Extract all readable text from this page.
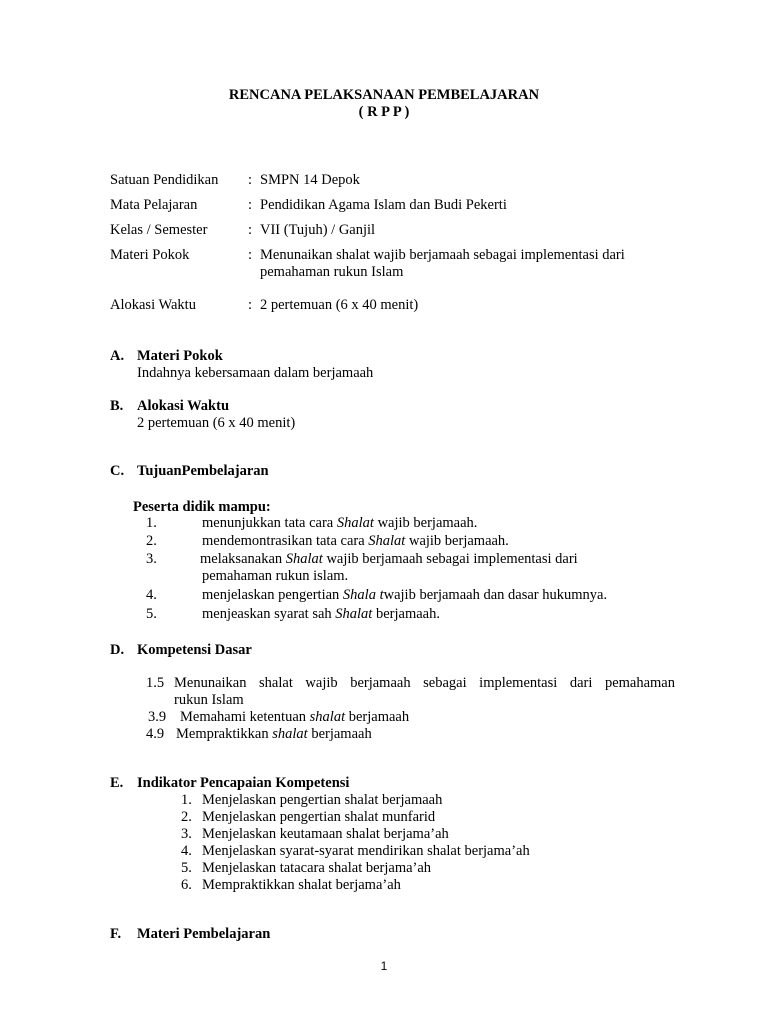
RENCANA PELAKSANAAN PEMBELAJARAN
( R P P )
Satuan Pendidikan : SMPN 14 Depok
Mata Pelajaran	: Pendidikan Agama Islam dan Budi Pekerti
Kelas / Semester	: VII (Tujuh) / Ganjil
Materi Pokok	: Menunaikan shalat wajib berjamaah sebagai implementasi dari
pemahaman rukun Islam
Alokasi Waktu	: 2 pertemuan (6 x 40 menit)
A. Materi Pokok
Indahnya kebersamaan dalam berjamaah
B. Alokasi Waktu
2 pertemuan (6 x 40 menit)
C. TujuanPembelajaran
Peserta didik mampu:
1.	menunjukkan tata cara Shalat wajib berjamaah.
2.	mendemontrasikan tata cara Shalat wajib berjamaah.
3.	melaksanakan Shalat wajib berjamaah sebagai implementasi dari
pemahaman rukun islam.
4.	menjelaskan pengertian Shala twajib berjamaah dan dasar hukumnya.
5.	menjeaskan syarat sah Shalat berjamaah.
D. Kompetensi Dasar
1.5 Menunaikan shalat wajib berjamaah sebagai implementasi dari pemahaman
rukun Islam
3.9 Memahami ketentuan shalat berjamaah
4.9 Mempraktikkan shalat berjamaah
E. Indikator Pencapaian Kompetensi
1. Menjelaskan pengertian shalat berjamaah
2. Menjelaskan pengertian shalat munfarid
3. Menjelaskan keutamaan shalat berjama’ah
4. Menjelaskan syarat-syarat mendirikan shalat berjama’ah
5. Menjelaskan tatacara shalat berjama’ah
6. Mempraktikkan shalat berjama’ah
F. Materi Pembelajaran
1
